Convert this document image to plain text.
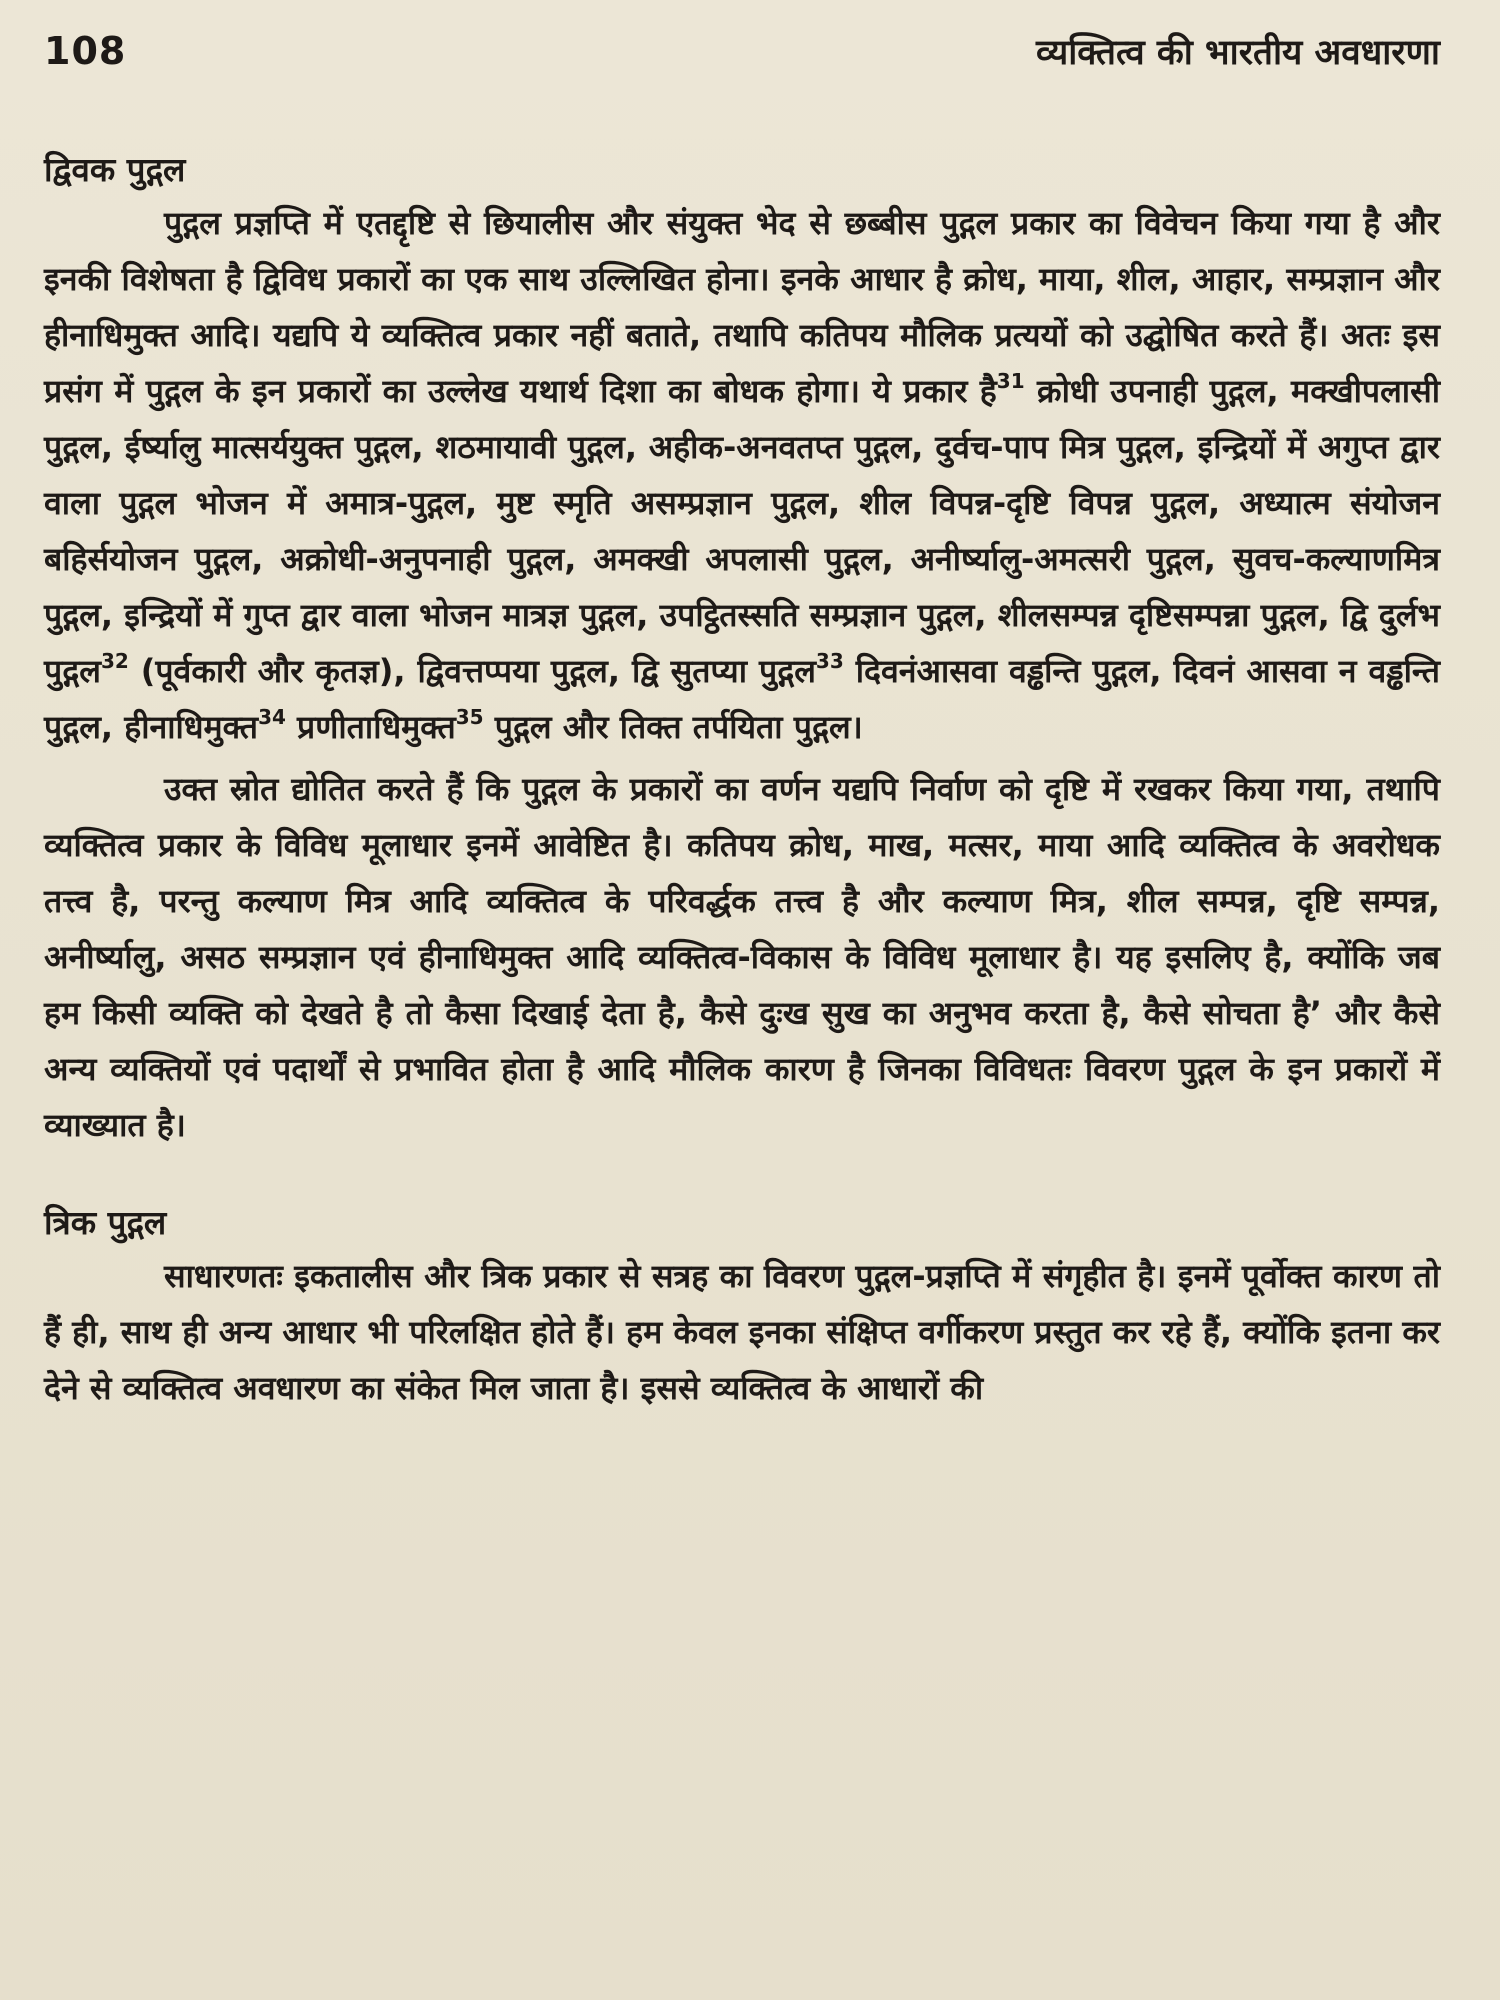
108	व्यक्तित्व की भारतीय अवधारणा
द्विवक पुद्गल

पुद्गल प्रज्ञप्ति में एतद्दृष्टि से छियालीस और संयुक्त भेद से छब्बीस पुद्गल प्रकार का विवेचन किया गया है और इनकी विशेषता है द्विविध प्रकारों का एक साथ उल्लिखित होना। इनके आधार है क्रोध, माया, शील, आहार, सम्प्रज्ञान और हीनाधिमुक्त आदि। यद्यपि ये व्यक्तित्व प्रकार नहीं बताते, तथापि कतिपय मौलिक प्रत्ययों को उद्घोषित करते हैं। अतः इस प्रसंग में पुद्गल के इन प्रकारों का उल्लेख यथार्थ दिशा का बोधक होगा। ये प्रकार है$^{31}$ क्रोधी उपनाही पुद्गल, मक्खीपलासी पुद्गल, ईर्ष्यालु मात्सर्ययुक्त पुद्गल, शठमायावी पुद्गल, अहीक-अनवतप्त पुद्गल, दुर्वच-पाप मित्र पुद्गल, इन्द्रियों में अगुप्त द्वार वाला पुद्गल भोजन में अमात्र-पुद्गल, मुष्ट स्मृति असम्प्रज्ञान पुद्गल, शील विपन्न-दृष्टि विपन्न पुद्गल, अध्यात्म संयोजन बहिर्सयोजन पुद्गल, अक्रोधी-अनुपनाही पुद्गल, अमक्खी अपलासी पुद्गल, अनीर्ष्यालु-अमत्सरी पुद्गल, सुवच-कल्याणमित्र पुद्गल, इन्द्रियों में गुप्त द्वार वाला भोजन मात्रज्ञ पुद्गल, उपट्ठितस्सति सम्प्रज्ञान पुद्गल, शीलसम्पन्न दृष्टिसम्पन्ना पुद्गल, द्वि दुर्लभ पुद्गल$^{32}$ (पूर्वकारी और कृतज्ञ), द्विवत्तप्पया पुद्गल, द्वि सुतप्या पुद्गल$^{33}$ दिवनंआसवा वड्ढन्ति पुद्गल, दिवनं आसवा न वड्ढन्ति पुद्गल, हीनाधिमुक्त$^{34}$ प्रणीताधिमुक्त$^{35}$ पुद्गल और तिक्त तर्पयिता पुद्गल।

उक्त स्रोत द्योतित करते हैं कि पुद्गल के प्रकारों का वर्णन यद्यपि निर्वाण को दृष्टि में रखकर किया गया, तथापि व्यक्तित्व प्रकार के विविध मूलाधार इनमें आवेष्टित है। कतिपय क्रोध, माख, मत्सर, माया आदि व्यक्तित्व के अवरोधक तत्त्व है, परन्तु कल्याण मित्र आदि व्यक्तित्व के परिवर्द्धक तत्त्व है और कल्याण मित्र, शील सम्पन्न, दृष्टि सम्पन्न, अनीर्ष्यालु, असठ सम्प्रज्ञान एवं हीनाधिमुक्त आदि व्यक्तित्व-विकास के विविध मूलाधार है। यह इसलिए है, क्योंकि जब हम किसी व्यक्ति को देखते है तो कैसा दिखाई देता है, कैसे दुःख सुख का अनुभव करता है, कैसे सोचता है’ और कैसे अन्य व्यक्तियों एवं पदार्थों से प्रभावित होता है आदि मौलिक कारण है जिनका विविधतः विवरण पुद्गल के इन प्रकारों में व्याख्यात है।

त्रिक पुद्गल

साधारणतः इकतालीस और त्रिक प्रकार से सत्रह का विवरण पुद्गल-प्रज्ञप्ति में संगृहीत है। इनमें पूर्वोक्त कारण तो हैं ही, साथ ही अन्य आधार भी परिलक्षित होते हैं। हम केवल इनका संक्षिप्त वर्गीकरण प्रस्तुत कर रहे हैं, क्योंकि इतना कर देने से व्यक्तित्व अवधारण का संकेत मिल जाता है। इससे व्यक्तित्व के आधारों की
